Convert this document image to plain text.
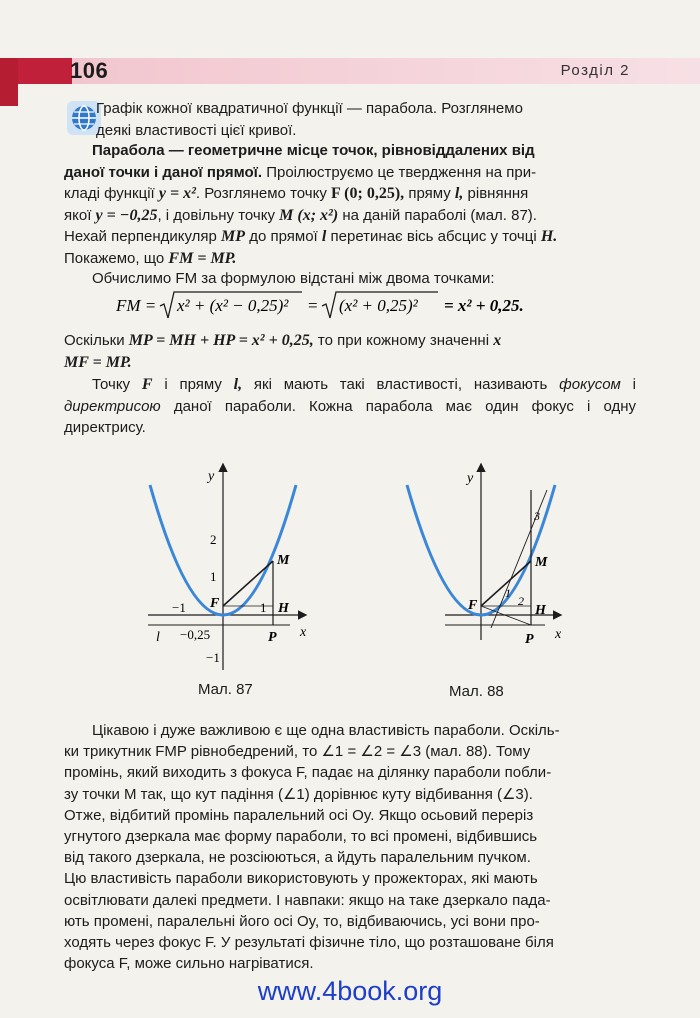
106	Розділ 2
Графік кожної квадратичної функції — парабола. Розглянемо
деякі властивості цієї кривої.
Парабола — геометричне місце точок, рівновіддалених від
даної точки і даної прямої. Проілюструємо це твердження на при-
кладі функції y = x². Розглянемо точку F (0; 0,25), пряму l, рівняння
якої y = −0,25, і довільну точку M (x; x²) на даній параболі (мал. 87).
Нехай перпендикуляр MP до прямої l перетинає вісь абсцис у точці H.
Покажемо, що FM = MP.
Обчислимо FM за формулою відстані між двома точками:
FM = x² + (x² − 0,25)² = (x² + 0,25)² = x² + 0,25.
Оскільки MP = MH + HP = x² + 0,25, то при кожному значенні x
MF = MP.
Точку F і пряму l, які мають такі властивості, називають фокусом і директрисою даної параболи. Кожна парабола має один фокус і одну директрису.
y
x
2
1
−1
−1
F
M
H
P
1
l −0,25
Мал. 87
y
x
F
M
H
P
1
2
3
Мал. 88
Цікавою і дуже важливою є ще одна властивість параболи. Оскіль-
ки трикутник FMP рівнобедрений, то ∠1 = ∠2 = ∠3 (мал. 88). Тому
промінь, який виходить з фокуса F, падає на ділянку параболи побли-
зу точки M так, що кут падіння (∠1) дорівнює куту відбивання (∠3).
Отже, відбитий промінь паралельний осі Oy. Якщо осьовий переріз
угнутого дзеркала має форму параболи, то всі промені, відбившись
від такого дзеркала, не розсіюються, а йдуть паралельним пучком.
Цю властивість параболи використовують у прожекторах, які мають
освітлювати далекі предмети. І навпаки: якщо на таке дзеркало пада-
ють промені, паралельні його осі Oy, то, відбиваючись, усі вони про-
ходять через фокус F. У результаті фізичне тіло, що розташоване біля
фокуса F, може сильно нагріватися.
www.4book.org
